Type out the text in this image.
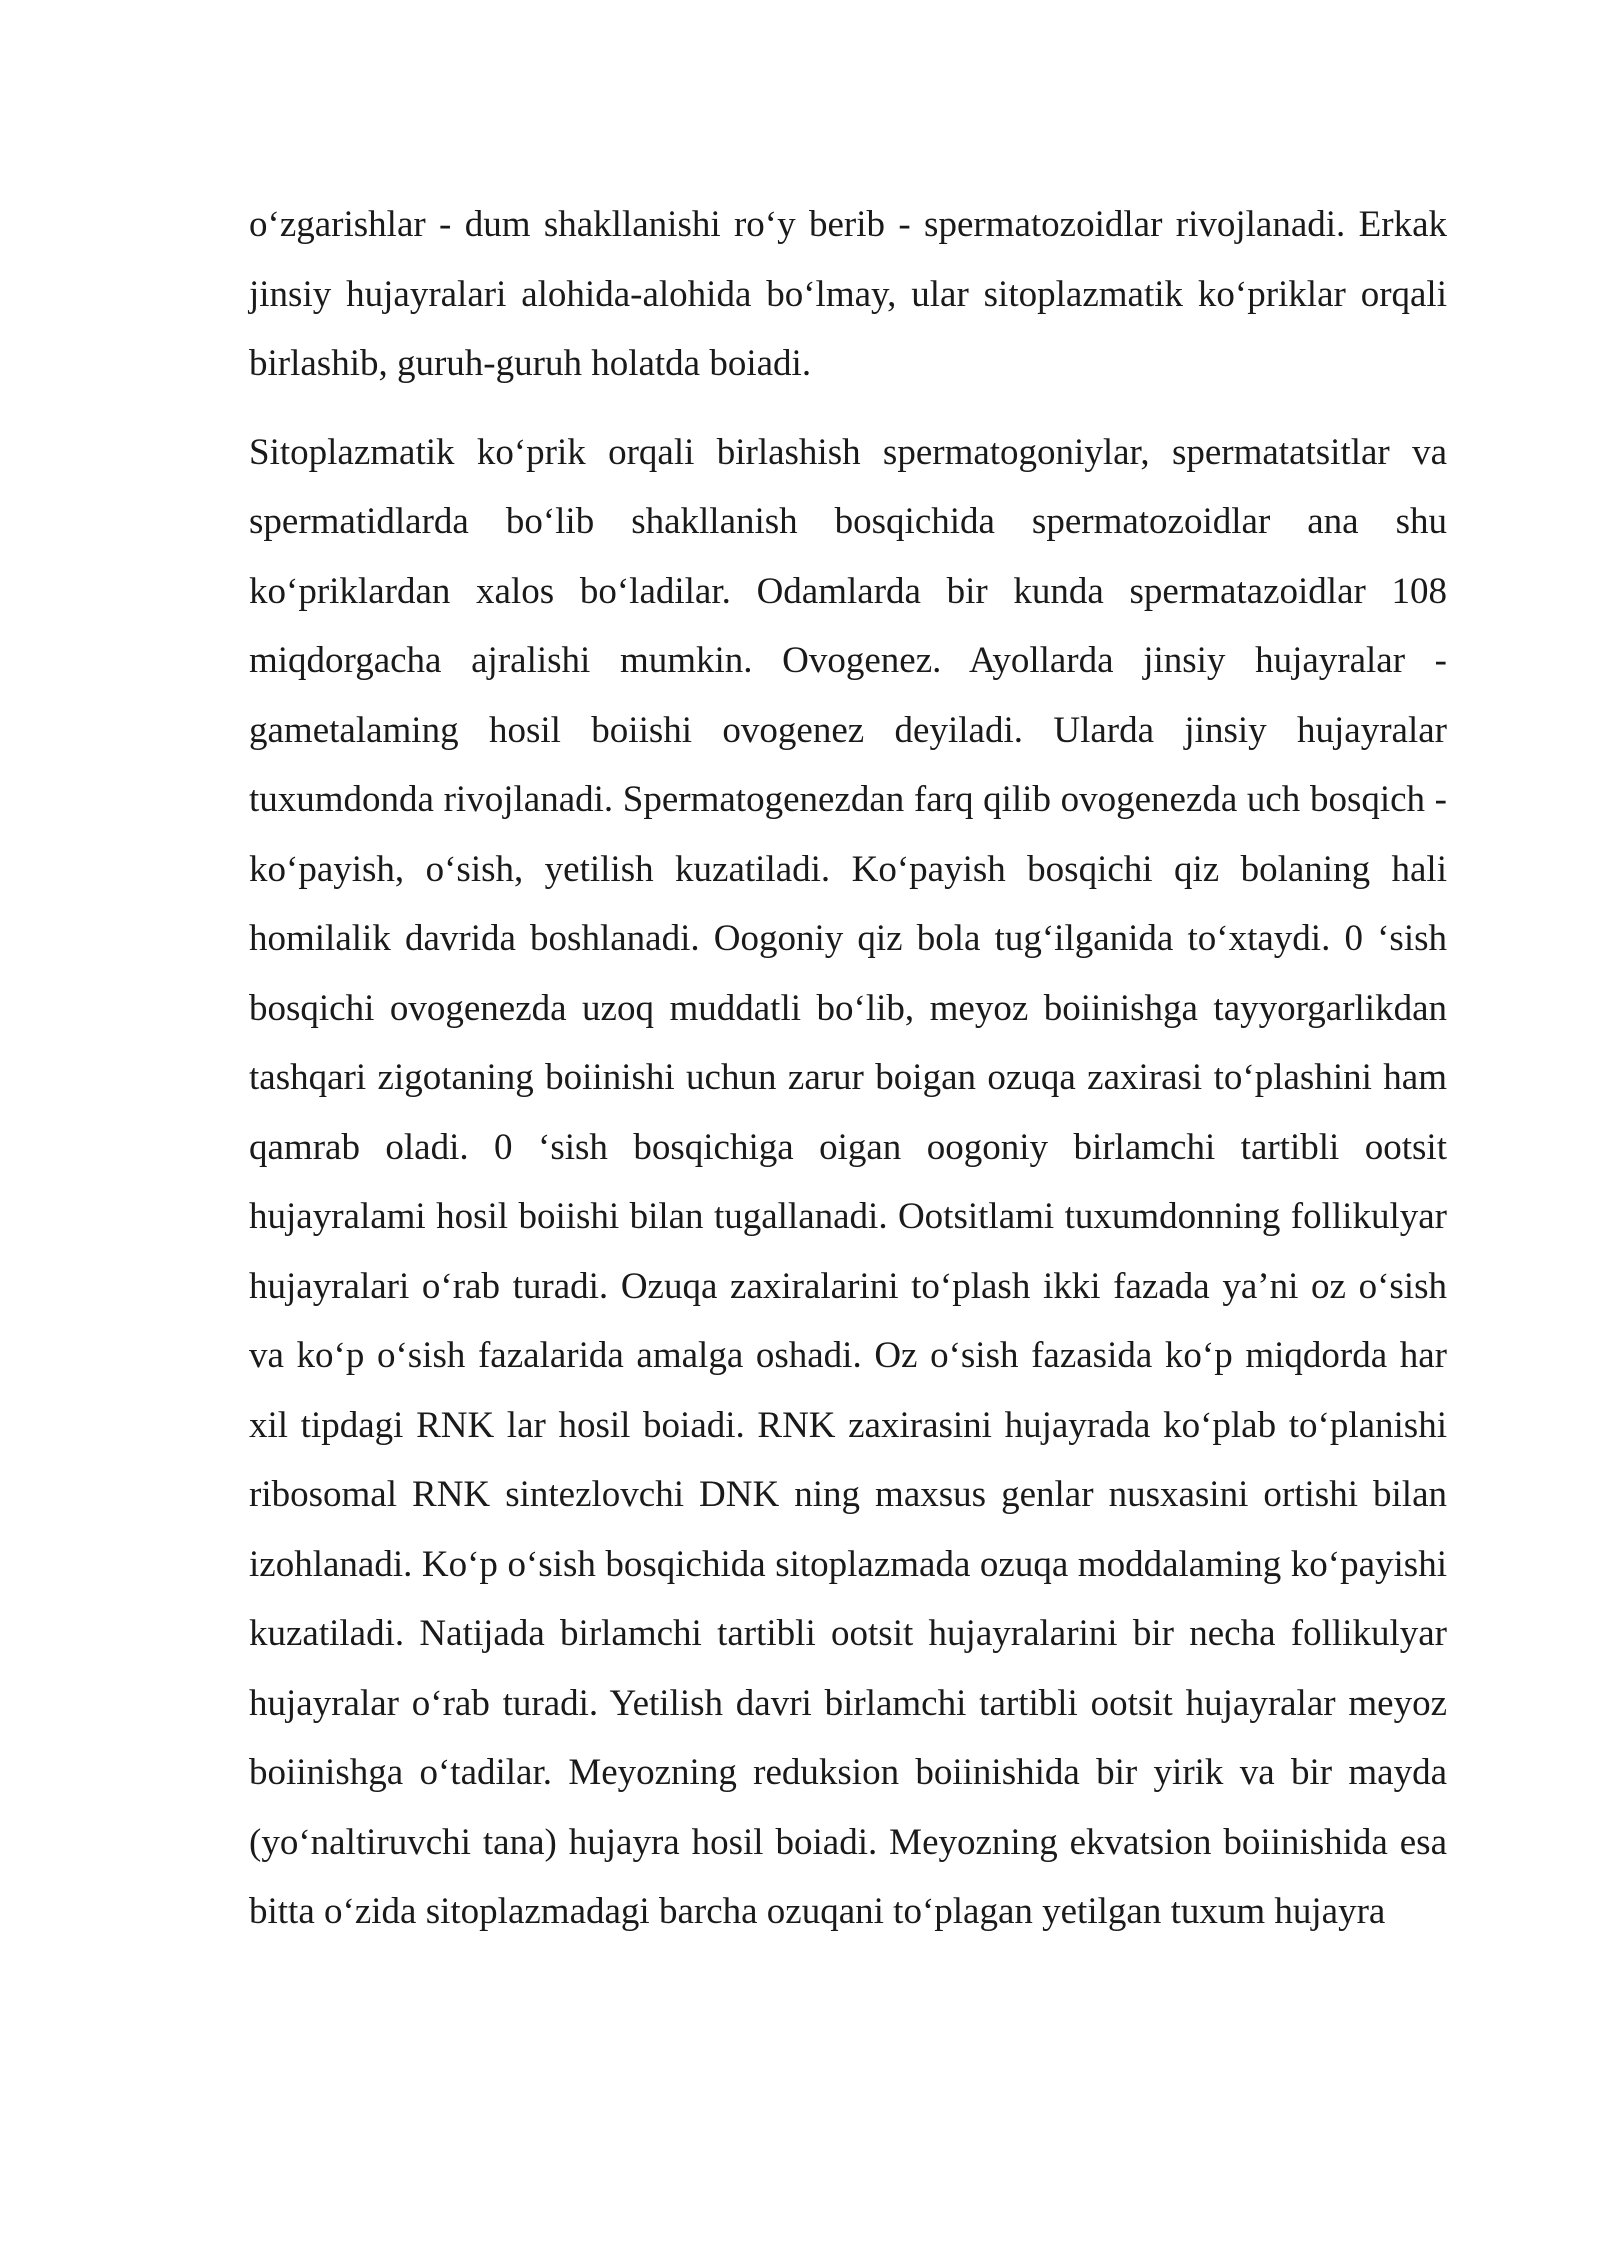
o‘zgarishlar - dum shakllanishi ro‘y berib - spermatozoidlar rivojlanadi. Erkak jinsiy hujayralari alohida-alohida bo‘lmay, ular sitoplazmatik ko‘priklar orqali birlashib, guruh-guruh holatda boiadi.

Sitoplazmatik ko‘prik orqali birlashish spermatogoniylar, spermatatsitlar va spermatidlarda bo‘lib shakllanish bosqichida spermatozoidlar ana shu ko‘priklardan xalos bo‘ladilar. Odamlarda bir kunda spermatazoidlar 108 miqdorgacha ajralishi mumkin. Ovogenez. Ayollarda jinsiy hujayralar - gametalaming hosil boiishi ovogenez deyiladi. Ularda jinsiy hujayralar tuxumdonda rivojlanadi. Spermatogenezdan farq qilib ovogenezda uch bosqich - ko‘payish, o‘sish, yetilish kuzatiladi. Ko‘payish bosqichi qiz bolaning hali homilalik davrida boshlanadi. Oogoniy qiz bola tug‘ilganida to‘xtaydi. 0 ‘sish bosqichi ovogenezda uzoq muddatli bo‘lib, meyoz boiinishga tayyorgarlikdan tashqari zigotaning boiinishi uchun zarur boigan ozuqa zaxirasi to‘plashini ham qamrab oladi. 0 ‘sish bosqichiga oigan oogoniy birlamchi tartibli ootsit hujayralami hosil boiishi bilan tugallanadi. Ootsitlami tuxumdonning follikulyar hujayralari o‘rab turadi. Ozuqa zaxiralarini to‘plash ikki fazada ya’ni oz o‘sish va ko‘p o‘sish fazalarida amalga oshadi. Oz o‘sish fazasida ko‘p miqdorda har xil tipdagi RNK lar hosil boiadi. RNK zaxirasini hujayrada ko‘plab to‘planishi ribosomal RNK sintezlovchi DNK ning maxsus genlar nusxasini ortishi bilan izohlanadi. Ko‘p o‘sish bosqichida sitoplazmada ozuqa moddalaming ko‘payishi kuzatiladi. Natijada birlamchi tartibli ootsit hujayralarini bir necha follikulyar hujayralar o‘rab turadi. Yetilish davri birlamchi tartibli ootsit hujayralar meyoz boiinishga o‘tadilar. Meyozning reduksion boiinishida bir yirik va bir mayda (yo‘naltiruvchi tana) hujayra hosil boiadi. Meyozning ekvatsion boiinishida esa bitta o‘zida sitoplazmadagi barcha ozuqani to‘plagan yetilgan tuxum hujayra
